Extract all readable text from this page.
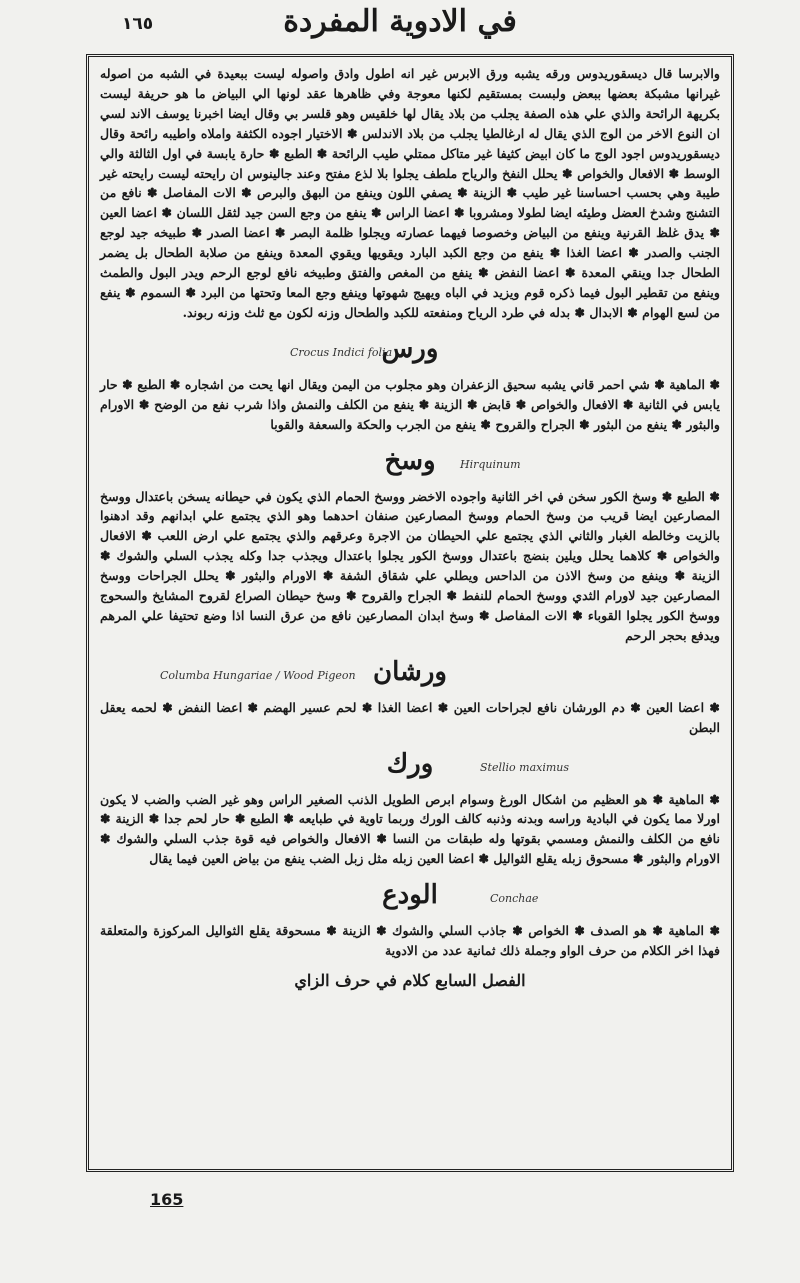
١٦٥	في الادوية المفردة

والابرسا قال ديسقوريدوس ورقه يشبه ورق الابرس غير انه اطول وادق واصوله ليست ببعيدة في الشبه من اصوله غيرانها مشبكة بعضها ببعض ولبست بمستقيم لكنها معوجة وفي ظاهرها عقد لونها الي البياض ما هو حريفة ليست بكريهة الرائحة والذي علي هذه الصفة يجلب من بلاد يقال لها خلقيس وهو قلسر بي وقال ايضا اخبرنا يوسف الاند لسي ان النوع الاخر من الوج الذي يقال له ارغالطيا يجلب من بلاد الاندلس ✽ الاختيار اجوده الكثفة واملاه واطيبه رائحة وقال ديسقوريدوس اجود الوج ما كان ابيض كثيفا غير متاكل ممتلي طيب الرائحة ✽ الطبع ✽ حارة يابسة في اول الثالثة والي الوسط ✽ الافعال والخواص ✽ يحلل النفخ والرياح ملطف يجلوا بلا لذع مفتح وعند جالينوس ان رايحته ليست رايحته غير طيبة وهي بحسب احساسنا غير طيب ✽ الزينة ✽ يصفي اللون وينفع من البهق والبرص ✽ الات المفاصل ✽ نافع من التشنج وشدخ العضل وطيئه ايضا لطولا ومشروبا ✽ اعضا الراس ✽ ينفع من وجع السن جيد لثقل اللسان ✽ اعضا العين ✽ يدق غلظ القرنية وينفع من البياض وخصوصا فيهما عصارته ويجلوا ظلمة البصر ✽ اعضا الصدر ✽ طبيخه جيد لوجع الجنب والصدر ✽ اعضا الغذا ✽ ينفع من وجع الكبد البارد ويقويها ويقوي المعدة وينفع من صلابة الطحال بل يضمر الطحال جدا وينقي المعدة ✽ اعضا النفض ✽ ينفع من المغص والفتق وطبيخه نافع لوجع الرحم ويدر البول والطمث وينفع من تقطير البول فيما ذكره قوم ويزيد في الباه ويهيج شهوتها وينفع وجع المعا وتحتها من البرد ✽ السموم ✽ ينفع من لسع الهوام ✽ الابدال ✽ بدله في طرد الرياح ومنفعته للكبد والطحال وزنه لكون مع ثلث وزنه ربوند.

ورس
Crocus Indici folia

✽ الماهية ✽ شي احمر قاني يشبه سحيق الزعفران وهو مجلوب من اليمن ويقال انها يحت من اشجاره ✽ الطبع ✽ حار يابس في الثانية ✽ الافعال والخواص ✽ قابض ✽ الزينة ✽ ينفع من الكلف والنمش واذا شرب نفع من الوضح ✽ الاورام والبثور ✽ ينفع من البثور ✽ الجراح والقروح ✽ ينفع من الجرب والحكة والسعفة والقوبا

وسخ Hirquinum

✽ الطبع ✽ وسخ الكور سخن في اخر الثانية واجوده الاخضر ووسخ الحمام الذي يكون في حيطانه يسخن باعتدال ووسخ المصارعين ايضا قريب من وسخ الحمام ووسخ المصارعين صنفان احدهما وهو الذي يجتمع علي ابدانهم وقد ادهنوا بالزيت وخالطه الغبار والثاني الذي يجتمع علي الحيطان من الاجرة وعرقهم والذي يجتمع علي ارض اللعب ✽ الافعال والخواص ✽ كلاهما يحلل ويلين بنضج باعتدال ووسخ الكور يجلوا باعتدال ويجذب جدا وكله يجذب السلي والشوك ✽ الزينة ✽ وينفع من وسخ الاذن من الداحس ويطلي علي شقاق الشفة ✽ الاورام والبثور ✽ يحلل الجراحات ووسخ المصارعين جيد لاورام الثدي ووسخ الحمام للنفط ✽ الجراح والقروح ✽ وسخ حيطان الصراع لقروح المشايخ والسحوج ووسخ الكور يجلوا القوباء ✽ الات المفاصل ✽ وسخ ابدان المصارعين نافع من عرق النسا اذا وضع تحتيفا علي المرهم ويدفع بحجر الرحم

ورشان
Columba Hungariae / Wood Pigeon

✽ اعضا العين ✽ دم الورشان نافع لجراحات العين ✽ اعضا الغذا ✽ لحم عسير الهضم ✽ اعضا النفض ✽ لحمه يعقل البطن

ورك	Stellio maximus

✽ الماهية ✽ هو العظيم من اشكال الورغ وسوام ابرص الطويل الذنب الصغير الراس وهو غير الضب والضب لا يكون اورلا مما يكون في البادية وراسه وبدنه وذنبه كالف الورك وربما تاوية في طبايعه ✽ الطبع ✽ حار لحم جدا ✽ الزينة ✽ نافع من الكلف والنمش ومسمي بقوتها وله طبقات من النسا ✽ الافعال والخواص فيه قوة جذب السلي والشوك ✽ الاورام والبثور ✽ مسحوق زبله يقلع الثواليل ✽ اعضا العين زبله مثل زبل الضب ينفع من بياض العين فيما يقال

الودع	Conchae

✽ الماهية ✽ هو الصدف ✽ الخواص ✽ جاذب السلي والشوك ✽ الزينة ✽ مسحوقة يقلع الثواليل المركوزة والمتعلقة فهذا اخر الكلام من حرف الواو وجملة ذلك ثمانية عدد من الادوية

الفصل السابع كلام في حرف الزاي
165
